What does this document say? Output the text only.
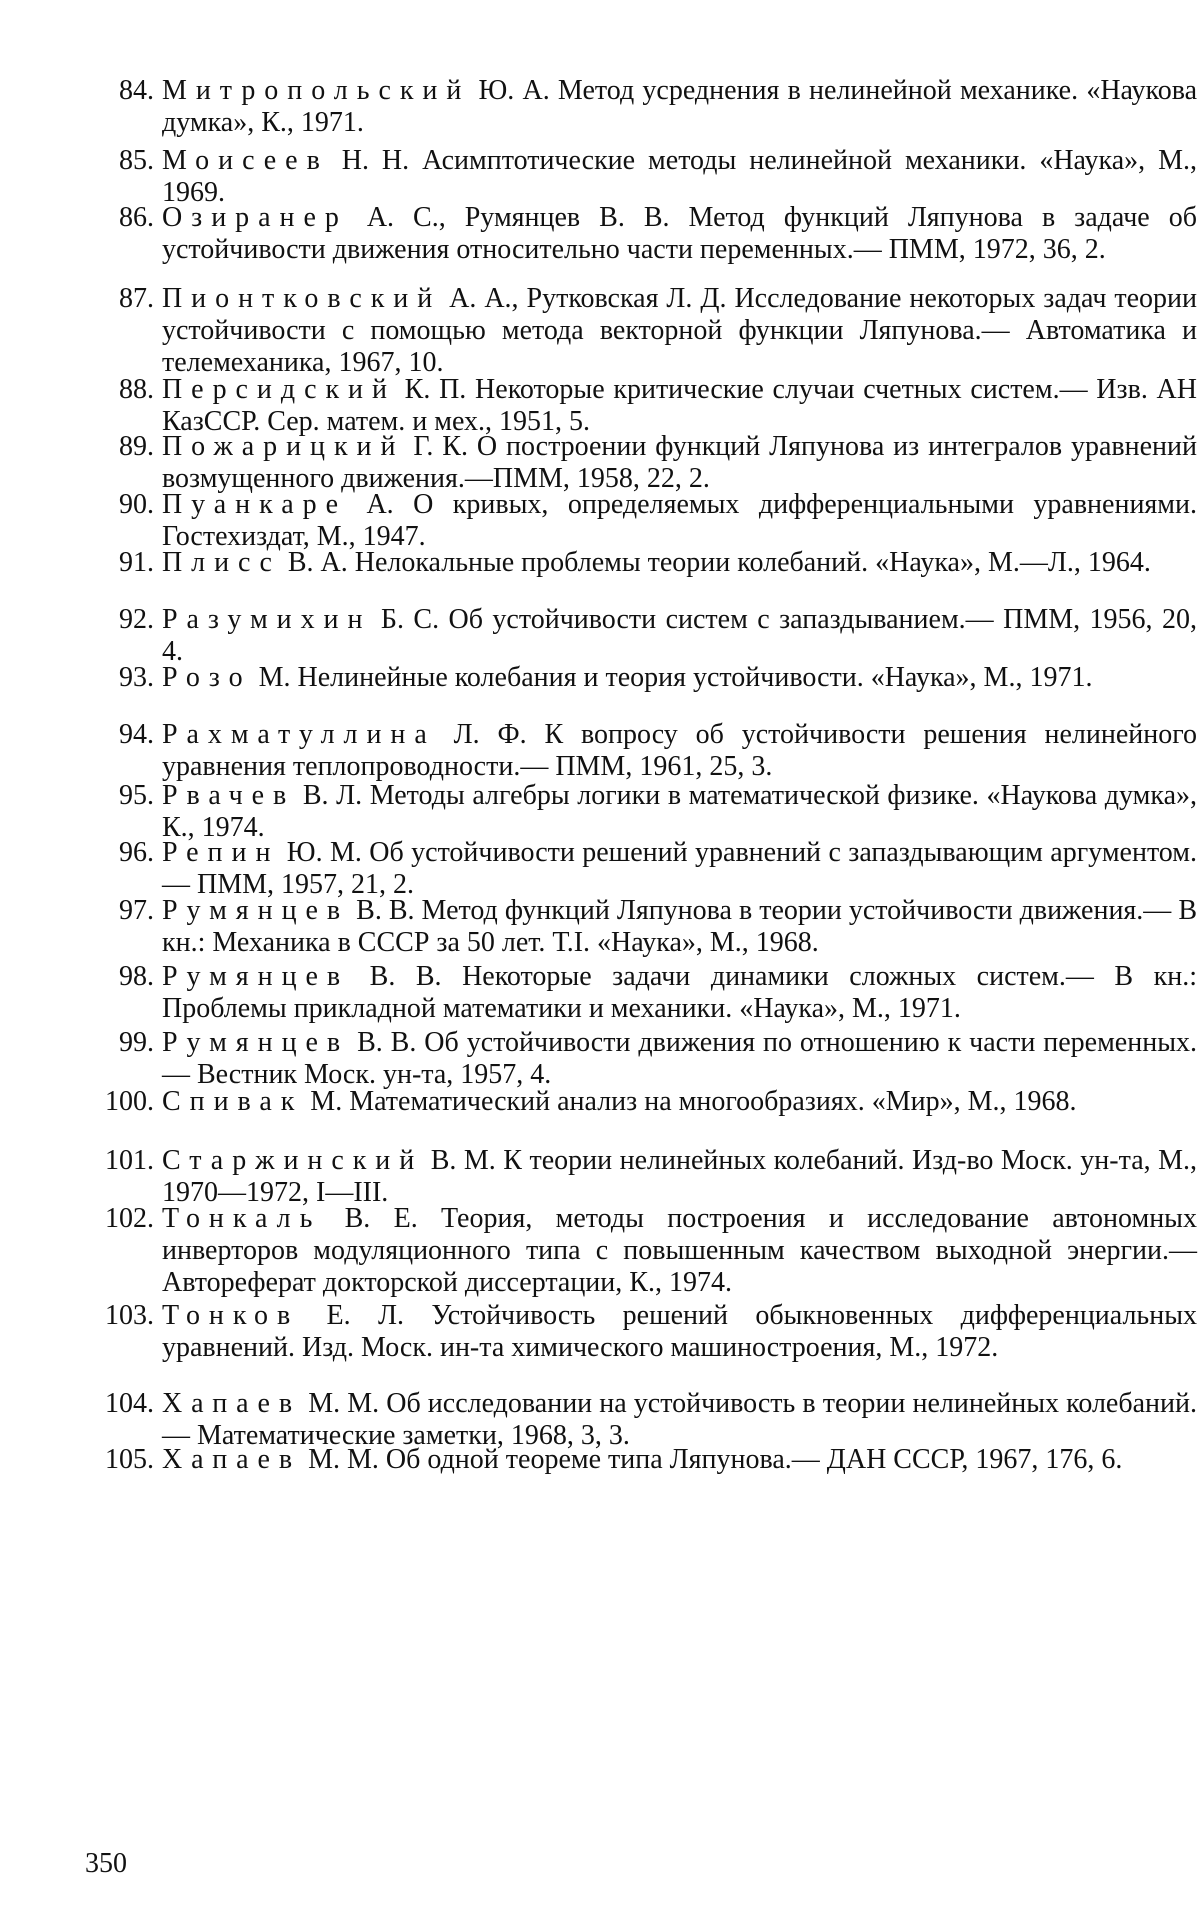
84. Митропольский Ю. А. Метод усреднения в нелинейной механике. «Наукова думка», К., 1971.
85. Моисеев Н. Н. Асимптотические методы нелинейной механики. «Наука», М., 1969.
86. Озиранер А. С., Румянцев В. В. Метод функций Ляпунова в задаче об устойчивости движения относительно части переменных.— ПММ, 1972, 36, 2.
87. Пионтковский А. А., Рутковская Л. Д. Исследование некоторых задач теории устойчивости с помощью метода векторной функции Ляпунова.— Автоматика и телемеханика, 1967, 10.
88. Персидский К. П. Некоторые критические случаи счетных систем.— Изв. АН КазССР. Сер. матем. и мех., 1951, 5.
89. Пожарицкий Г. К. О построении функций Ляпунова из интегралов уравнений возмущенного движения.—ПММ, 1958, 22, 2.
90. Пуанкаре А. О кривых, определяемых дифференциальными уравнениями. Гостехиздат, М., 1947.
91. Плисс В. А. Нелокальные проблемы теории колебаний. «Наука», М.—Л., 1964.
92. Разумихин Б. С. Об устойчивости систем с запаздыванием.— ПММ, 1956, 20, 4.
93. Розо М. Нелинейные колебания и теория устойчивости. «Наука», М., 1971.
94. Рахматуллина Л. Ф. К вопросу об устойчивости решения нелинейного уравнения теплопроводности.— ПММ, 1961, 25, 3.
95. Рвачев В. Л. Методы алгебры логики в математической физике. «Наукова думка», К., 1974.
96. Репин Ю. М. Об устойчивости решений уравнений с запаздывающим аргументом.— ПММ, 1957, 21, 2.
97. Румянцев В. В. Метод функций Ляпунова в теории устойчивости движения.— В кн.: Механика в СССР за 50 лет. Т.I. «Наука», М., 1968.
98. Румянцев В. В. Некоторые задачи динамики сложных систем.— В кн.: Проблемы прикладной математики и механики. «Наука», М., 1971.
99. Румянцев В. В. Об устойчивости движения по отношению к части переменных.— Вестник Моск. ун-та, 1957, 4.
100. Спивак М. Математический анализ на многообразиях. «Мир», М., 1968.
101. Старжинский В. М. К теории нелинейных колебаний. Изд-во Моск. ун-та, М., 1970—1972, I—III.
102. Тонкаль В. Е. Теория, методы построения и исследование автономных инверторов модуляционного типа с повышенным качеством выходной энергии.— Автореферат докторской диссертации, К., 1974.
103. Тонков Е. Л. Устойчивость решений обыкновенных дифференциальных уравнений. Изд. Моск. ин-та химического машиностроения, М., 1972.
104. Хапаев М. М. Об исследовании на устойчивость в теории нелинейных колебаний.— Математические заметки, 1968, 3, 3.
105. Хапаев М. М. Об одной теореме типа Ляпунова.— ДАН СССР, 1967, 176, 6.
350
